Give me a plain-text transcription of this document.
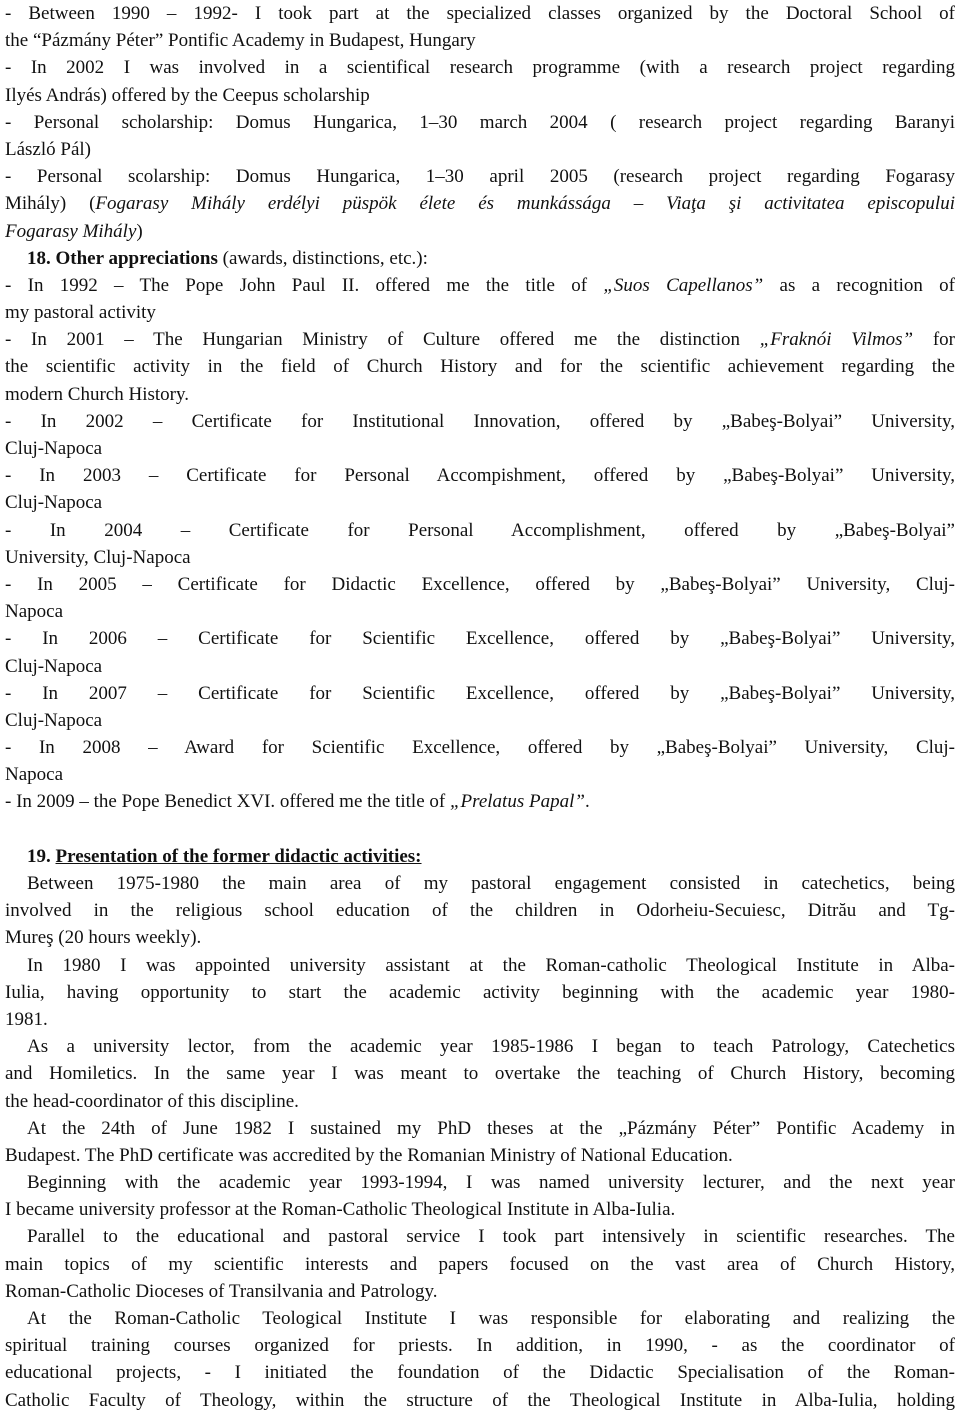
- Between 1990 – 1992- I took part at the specialized classes organized by the Doctoral School of
the “Pázmány Péter” Pontific Academy in Budapest, Hungary
- In 2002 I was involved in a scientifical research programme (with a research project regarding
Ilyés András) offered by the Ceepus scholarship
- Personal scholarship: Domus Hungarica, 1–30 march 2004 ( research project regarding Baranyi
László Pál)
- Personal scolarship: Domus Hungarica, 1–30 april 2005 (research project regarding Fogarasy
Mihály) (Fogarasy Mihály erdélyi püspök élete és munkássága – Viaţa şi activitatea episcopului
Fogarasy Mihály)
18. Other appreciations (awards, distinctions, etc.):
- In 1992 – The Pope John Paul II. offered me the title of „Suos Capellanos” as a recognition of
my pastoral activity
- In 2001 – The Hungarian Ministry of Culture offered me the distinction „Fraknói Vilmos” for
the scientific activity in the field of Church History and for the scientific achievement regarding the
modern Church History.
- In 2002 – Certificate for Institutional Innovation, offered by „Babeş-Bolyai” University,
Cluj-Napoca
- In 2003 – Certificate for Personal Accompishment, offered by „Babeş-Bolyai” University,
Cluj-Napoca
- In 2004 – Certificate for Personal Accomplishment, offered by „Babeş-Bolyai”
University, Cluj-Napoca
- In 2005 – Certificate for Didactic Excellence, offered by „Babeş-Bolyai” University, Cluj-
Napoca
- In 2006 – Certificate for Scientific Excellence, offered by „Babeş-Bolyai” University,
Cluj-Napoca
- In 2007 – Certificate for Scientific Excellence, offered by „Babeş-Bolyai” University,
Cluj-Napoca
- In 2008 – Award for Scientific Excellence, offered by „Babeş-Bolyai” University, Cluj-
Napoca
- In 2009 – the Pope Benedict XVI. offered me the title of „Prelatus Papal”.
19. Presentation of the former didactic activities:
Between 1975-1980 the main area of my pastoral engagement consisted in catechetics, being
involved in the religious school education of the children in Odorheiu-Secuiesc, Ditrău and Tg-
Mureş (20 hours weekly).
In 1980 I was appointed university assistant at the Roman-catholic Theological Institute in Alba-
Iulia, having opportunity to start the academic activity beginning with the academic year 1980-
1981.
As a university lector, from the academic year 1985-1986 I began to teach Patrology, Catechetics
and Homiletics. In the same year I was meant to overtake the teaching of Church History, becoming
the head-coordinator of this discipline.
At the 24th of June 1982 I sustained my PhD theses at the „Pázmány Péter” Pontific Academy in
Budapest. The PhD certificate was accredited by the Romanian Ministry of National Education.
Beginning with the academic year 1993-1994, I was named university lecturer, and the next year
I became university professor at the Roman-Catholic Theological Institute in Alba-Iulia.
Parallel to the educational and pastoral service I took part intensively in scientific researches. The
main topics of my scientific interests and papers focused on the vast area of Church History,
Roman-Catholic Dioceses of Transilvania and Patrology.
At the Roman-Catholic Teological Institute I was responsible for elaborating and realizing the
spiritual training courses organized for priests. In addition, in 1990, - as the coordinator of
educational projects, - I initiated the foundation of the Didactic Specialisation of the Roman-
Catholic Faculty of Theology, within the structure of the Theological Institute in Alba-Iulia, holding
